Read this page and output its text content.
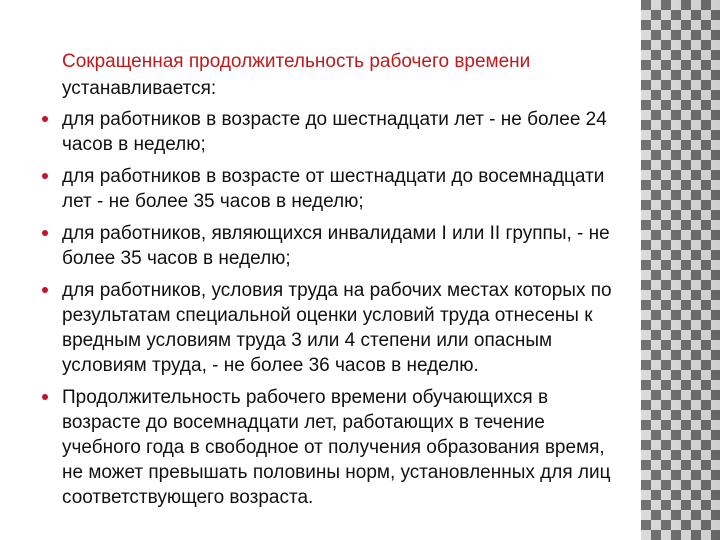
Сокращенная продолжительность рабочего времени
устанавливается:
для работников в возрасте до шестнадцати лет - не более 24 часов в неделю;
для работников в возрасте от шестнадцати до восемнадцати лет - не более 35 часов в неделю;
для работников, являющихся инвалидами I или II группы, - не более 35 часов в неделю;
для работников, условия труда на рабочих местах которых по результатам специальной оценки условий труда отнесены к вредным условиям труда 3 или 4 степени или опасным условиям труда, - не более 36 часов в неделю.
Продолжительность рабочего времени обучающихся в возрасте до восемнадцати лет, работающих в течение учебного года в свободное от получения образования время, не может превышать половины норм, установленных для лиц соответствующего возраста.
